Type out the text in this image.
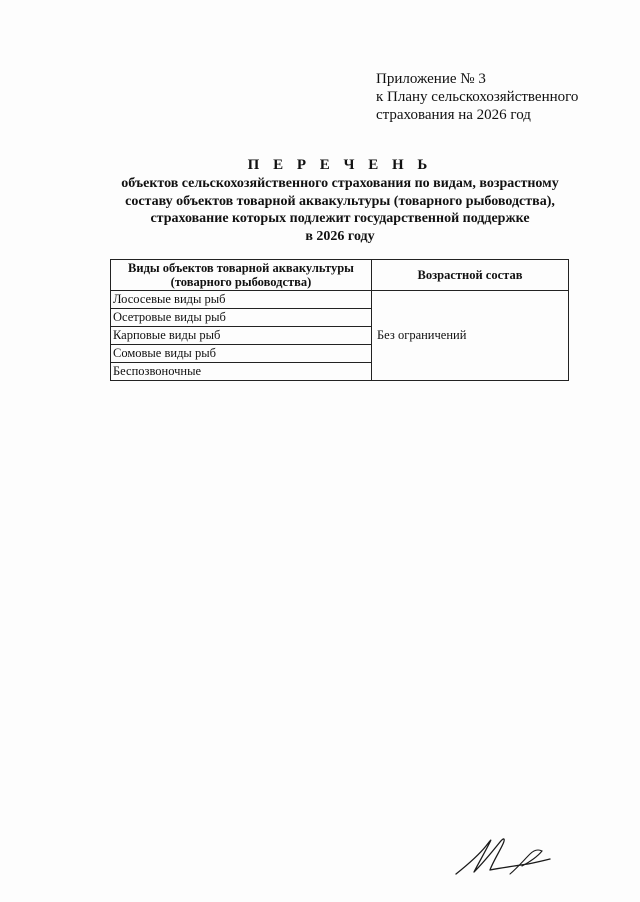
Приложение № 3
к Плану сельскохозяйственного
страхования на 2026 год
П Е Р Е Ч Е Н Ь
объектов сельскохозяйственного страхования по видам, возрастному
составу объектов товарной аквакультуры (товарного рыбоводства),
страхование которых подлежит государственной поддержке
в 2026 году
Виды объектов товарной аквакультуры (товарного рыбоводства)	Возрастной состав
Лососевые виды рыб	Без ограничений
Осетровые виды рыб	
Карповые виды рыб	
Сомовые виды рыб	
Беспозвоночные	
